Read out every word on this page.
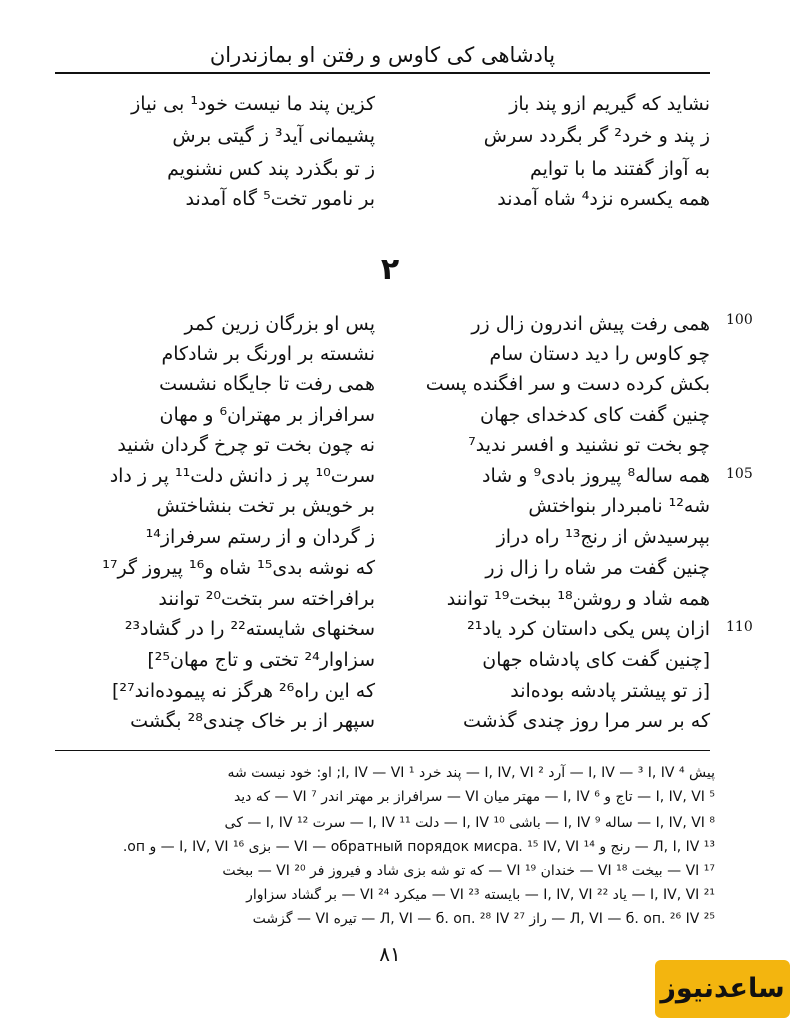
پادشاهی کی کاوس و رفتن او بمازندران
نشاید که گیریم ازو پند باز
کزین پند ما نیست خود¹ بی نیاز
ز پند و خرد² گر بگردد سرش
پشیمانی آید³ ز گیتی برش
به آواز گفتند ما با توایم
ز تو بگذرد پند کس نشنویم
همه یکسره نزد⁴ شاه آمدند
بر نامور تخت⁵ گاه آمدند
۲
100
105
110
همی رفت پیش اندرون زال زر
پس او بزرگان زرین کمر
چو کاوس را دید دستان سام
نشسته بر اورنگ بر شادکام
بکش کرده دست و سر افگنده پست
همی رفت تا جایگاه نشست
چنین گفت کای کدخدای جهان
سرافراز بر مهتران⁶ و مهان
چو بخت تو نشنید و افسر ندید⁷
نه چون بخت تو چرخ گردان شنید
همه ساله⁸ پیروز بادی⁹ و شاد
سرت¹⁰ پر ز دانش دلت¹¹ پر ز داد
شه¹² نامبردار بنواختش
بر خویش بر تخت بنشاختش
بپرسیدش از رنج¹³ راه دراز
ز گردان و از رستم سرفراز¹⁴
چنین گفت مر شاه را زال زر
که نوشه بدی¹⁵ شاه و¹⁶ پیروز گر¹⁷
همه شاد و روشن¹⁸ ببخت¹⁹ توانند
برافراخته سر بتخت²⁰ توانند
ازان پس یکی داستان کرد یاد²¹
سخنهای شایسته²² را در گشاد²³
[چنین گفت کای پادشاه جهان
سزاوار²⁴ تختی و تاج مهان²⁵]
[ز تو پیشتر پادشه بوده‌اند
که این راه²⁶ هرگز نه پیموده‌اند²⁷]
که بر سر مرا روز چندی گذشت
سپهر از بر خاک چندی²⁸ بگشت
پیش ⁴ I, IV — ³ I, IV — آرد ² I, IV, VI — پند خرد ¹ I, IV — VI; او: خود نیست شه
⁵ I, IV, VI — تاج و ⁶ I, IV — مهتر میان VI — سرافراز بر مهتر اندر ⁷ VI — که دید
⁸ I, IV, VI — ساله ⁹ I, IV — باشی ¹⁰ I, IV — دلت ¹¹ I, IV — سرت ¹² I, IV — کی
¹³ Л, I, IV — رنج و ¹⁴ VI — обратный порядок мисра. ¹⁵ IV, VI — بزی ¹⁶ I, IV, VI — و оп.
¹⁷ VI — بیخت ¹⁸ VI — خندان ¹⁹ VI — که تو شه بزی شاد و فیروز فر ²⁰ VI — ببخت
²¹ I, IV, VI — یاد ²² I, IV, VI — بایسته ²³ VI — میکرد ²⁴ VI — بر گشاد سزاوار
²⁵ Л, VI — б. оп. ²⁶ IV — راز ²⁷ Л, VI — б. оп. ²⁸ IV — تیره VI — گزشت
٨١
ساعدنیوز
